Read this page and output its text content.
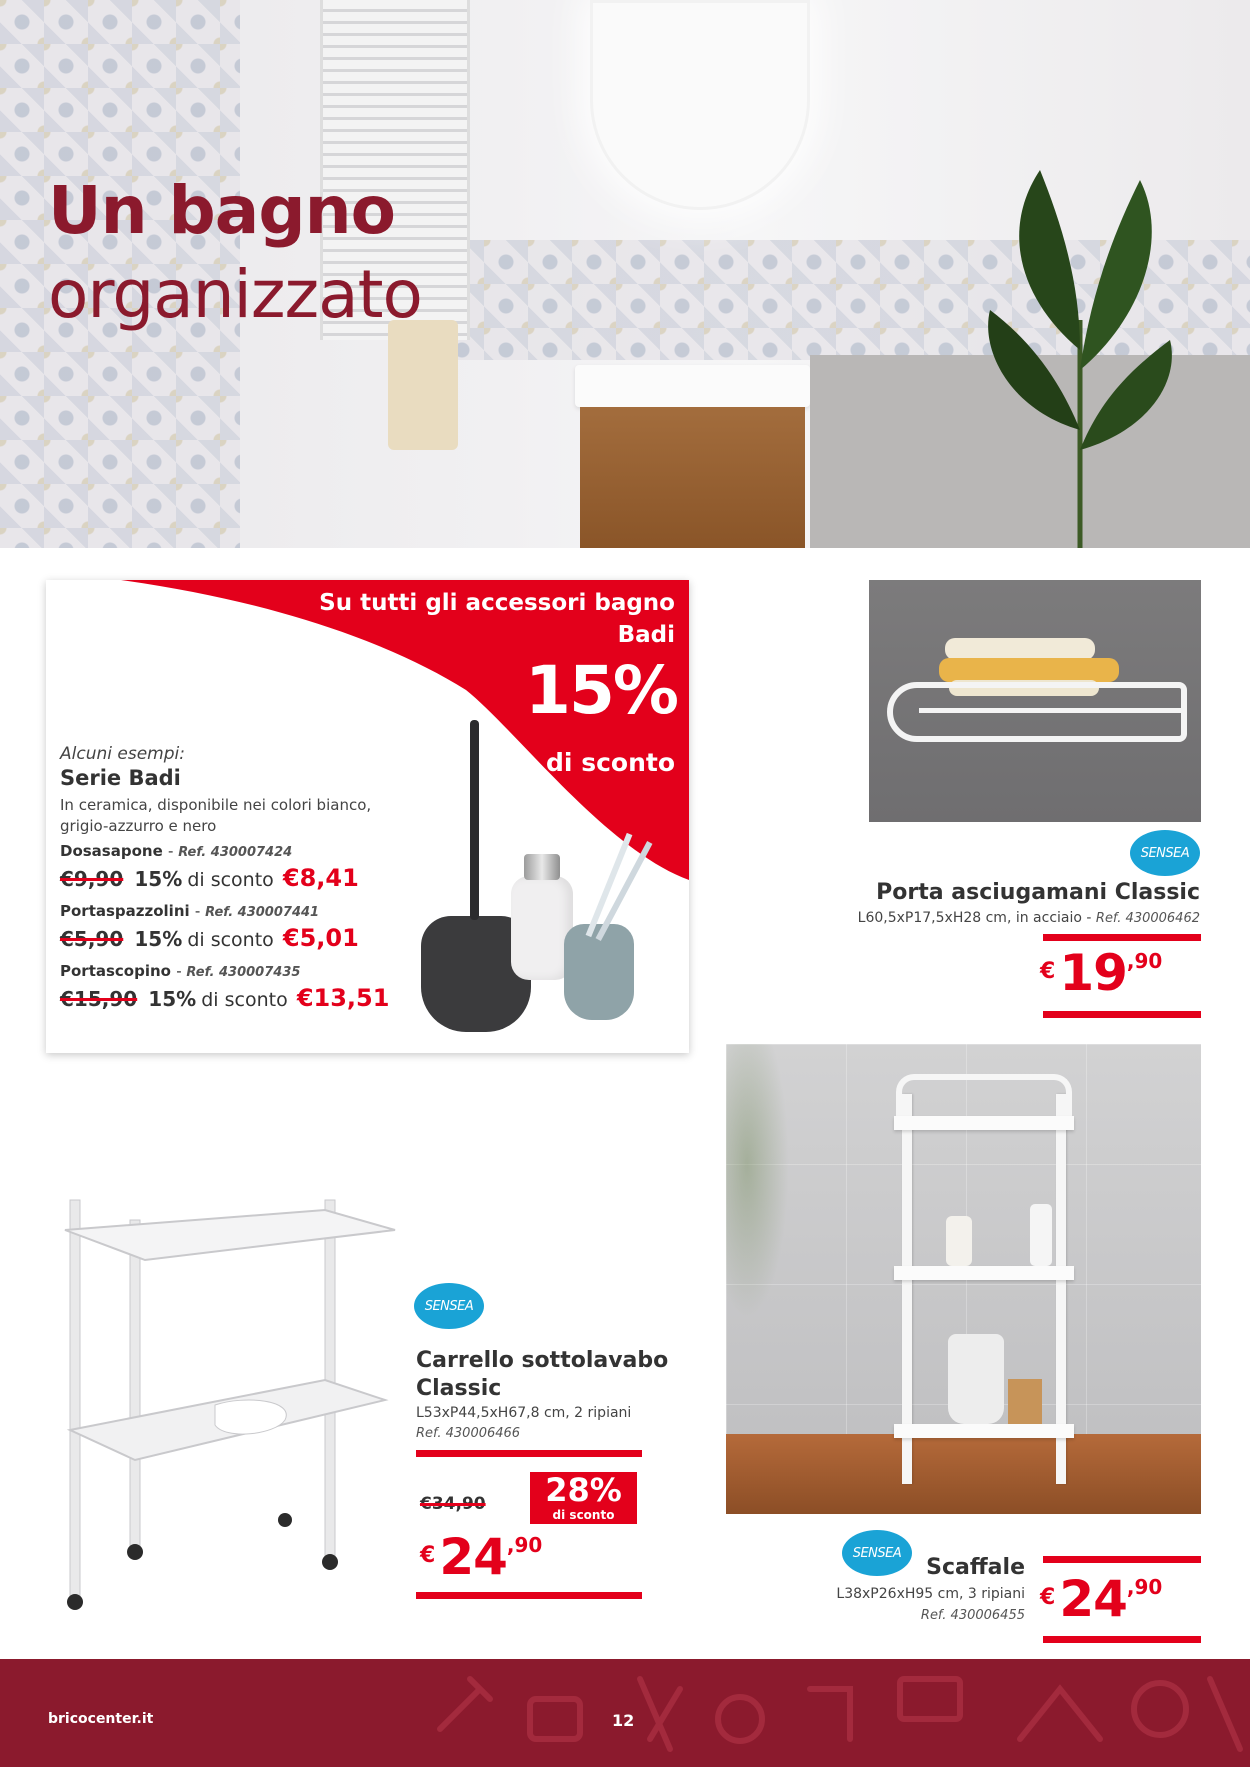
Un bagno
organizzato
Su tutti gli accessori bagno
Badi
15%
di sconto
Alcuni esempi:
Serie Badi
In ceramica, disponibile nei colori bianco,
grigio-azzurro e nero
Dosasapone - Ref. 430007424
€9,90 15% di sconto €8,41
Portaspazzolini - Ref. 430007441
€5,90 15% di sconto €5,01
Portascopino - Ref. 430007435
€15,90 15% di sconto €13,51
SENSEA
Porta asciugamani Classic
L60,5xP17,5xH28 cm, in acciaio - Ref. 430006462
€19,90
SENSEA
Carrello sottolavabo
Classic
L53xP44,5xH67,8 cm, 2 ripiani
Ref. 430006466
€34,90	28%
di sconto
€24,90	SENSEA
Scaffale
L38xP26xH95 cm, 3 ripiani
Ref. 430006455
€24,90
bricocenter.it	12
